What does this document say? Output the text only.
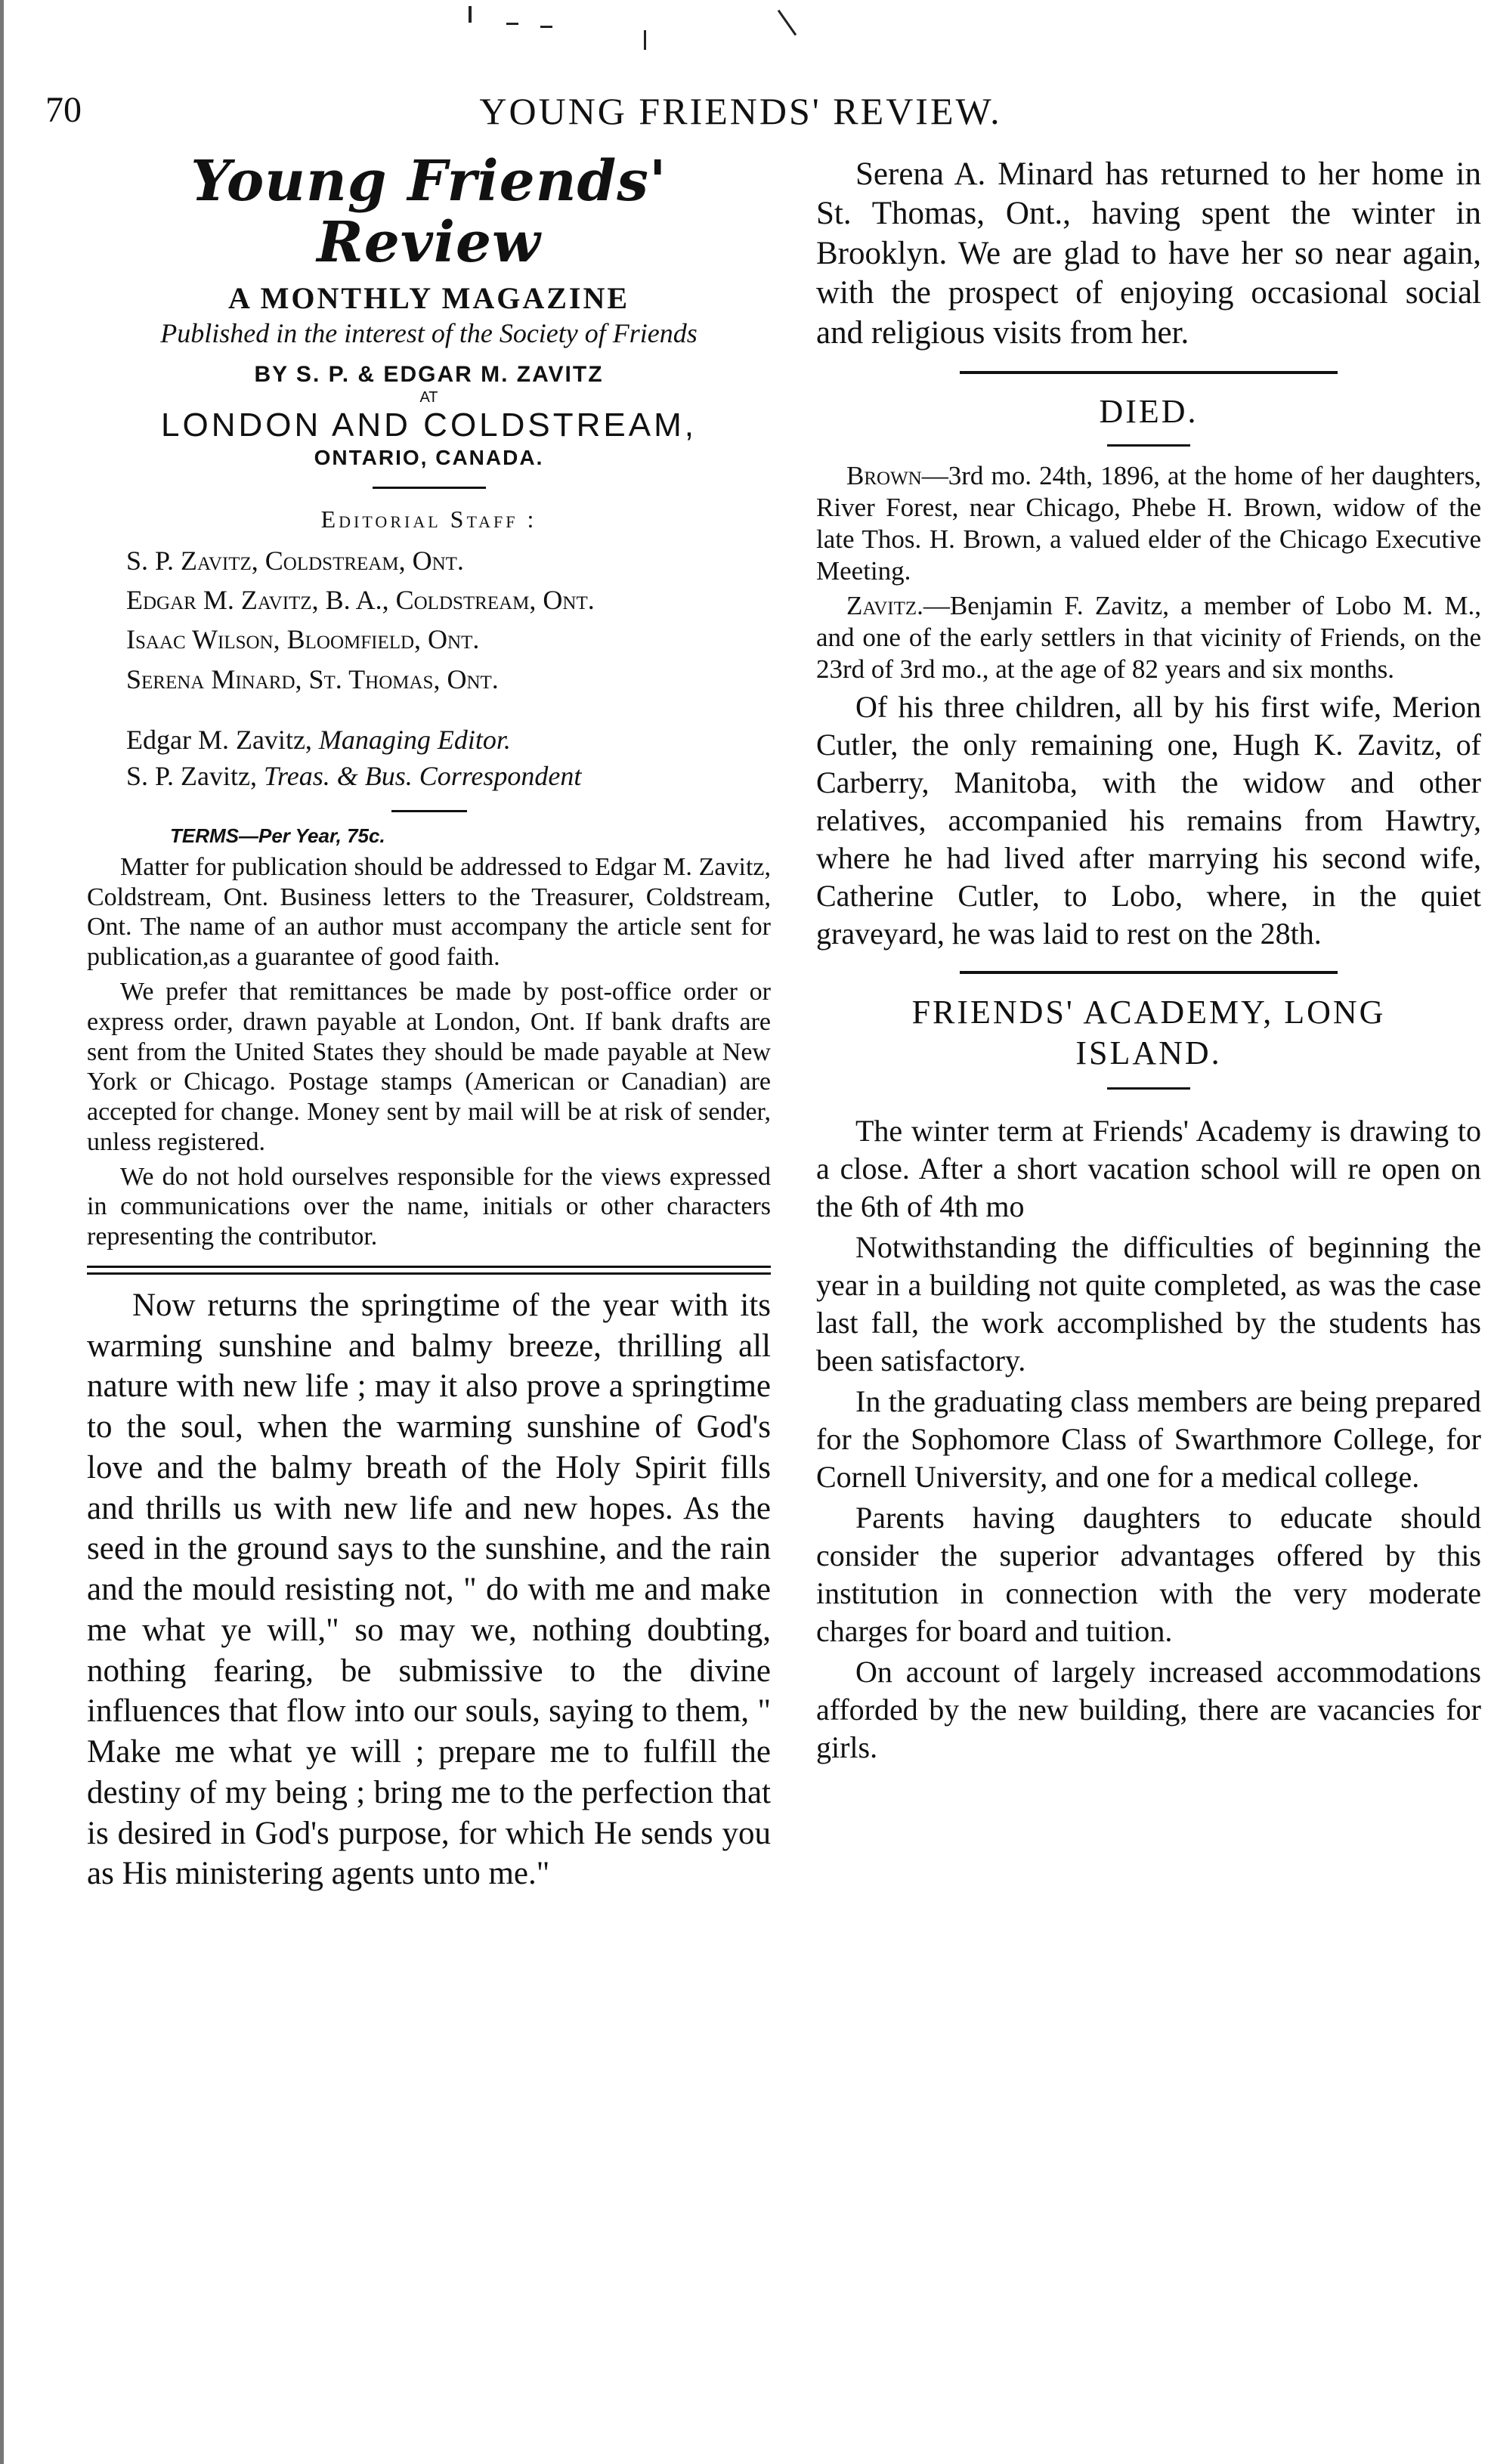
70	YOUNG FRIENDS' REVIEW.
Young Friends' Review
A MONTHLY MAGAZINE
Published in the interest of the Society of Friends
BY S. P. & EDGAR M. ZAVITZ
AT
LONDON AND COLDSTREAM,
ONTARIO, CANADA.
Editorial Staff :

S. P. Zavitz, Coldstream, Ont.

Edgar M. Zavitz, B. A., Coldstream, Ont.

Isaac Wilson, Bloomfield, Ont.

Serena Minard, St. Thomas, Ont.

Edgar M. Zavitz, Managing Editor.

S. P. Zavitz, Treas. & Bus. Correspondent

TERMS—Per Year, 75c.

Matter for publication should be addressed to Edgar M. Zavitz, Coldstream, Ont. Business letters to the Treasurer, Coldstream, Ont. The name of an author must accompany the article sent for publication,as a guarantee of good faith.

We prefer that remittances be made by post-office order or express order, drawn payable at London, Ont. If bank drafts are sent from the United States they should be made payable at New York or Chicago. Postage stamps (American or Canadian) are accepted for change. Money sent by mail will be at risk of sender, unless registered.

We do not hold ourselves responsible for the views expressed in communications over the name, initials or other characters representing the contributor.

Now returns the springtime of the year with its warming sunshine and balmy breeze, thrilling all nature with new life ; may it also prove a springtime to the soul, when the warming sunshine of God's love and the balmy breath of the Holy Spirit fills and thrills us with new life and new hopes. As the seed in the ground says to the sunshine, and the rain and the mould resisting not, " do with me and make me what ye will," so may we, nothing doubting, nothing fearing, be submissive to the divine influences that flow into our souls, saying to them, " Make me what ye will ; prepare me to fulfill the destiny of my being ; bring me to the perfection that is desired in God's purpose, for which He sends you as His ministering agents unto me."

Serena A. Minard has returned to her home in St. Thomas, Ont., having spent the winter in Brooklyn. We are glad to have her so near again, with the prospect of enjoying occasional social and religious visits from her.

DIED.

Brown—3rd mo. 24th, 1896, at the home of her daughters, River Forest, near Chicago, Phebe H. Brown, widow of the late Thos. H. Brown, a valued elder of the Chicago Executive Meeting.

Zavitz.—Benjamin F. Zavitz, a member of Lobo M. M., and one of the early settlers in that vicinity of Friends, on the 23rd of 3rd mo., at the age of 82 years and six months.

Of his three children, all by his first wife, Merion Cutler, the only remaining one, Hugh K. Zavitz, of Carberry, Manitoba, with the widow and other relatives, accompanied his remains from Hawtry, where he had lived after marrying his second wife, Catherine Cutler, to Lobo, where, in the quiet graveyard, he was laid to rest on the 28th.

FRIENDS' ACADEMY, LONG ISLAND.

The winter term at Friends' Academy is drawing to a close. After a short vacation school will re open on the 6th of 4th mo

Notwithstanding the difficulties of beginning the year in a building not quite completed, as was the case last fall, the work accomplished by the students has been satisfactory.

In the graduating class members are being prepared for the Sophomore Class of Swarthmore College, for Cornell University, and one for a medical college.

Parents having daughters to educate should consider the superior advantages offered by this institution in connection with the very moderate charges for board and tuition.

On account of largely increased accommodations afforded by the new building, there are vacancies for girls.
